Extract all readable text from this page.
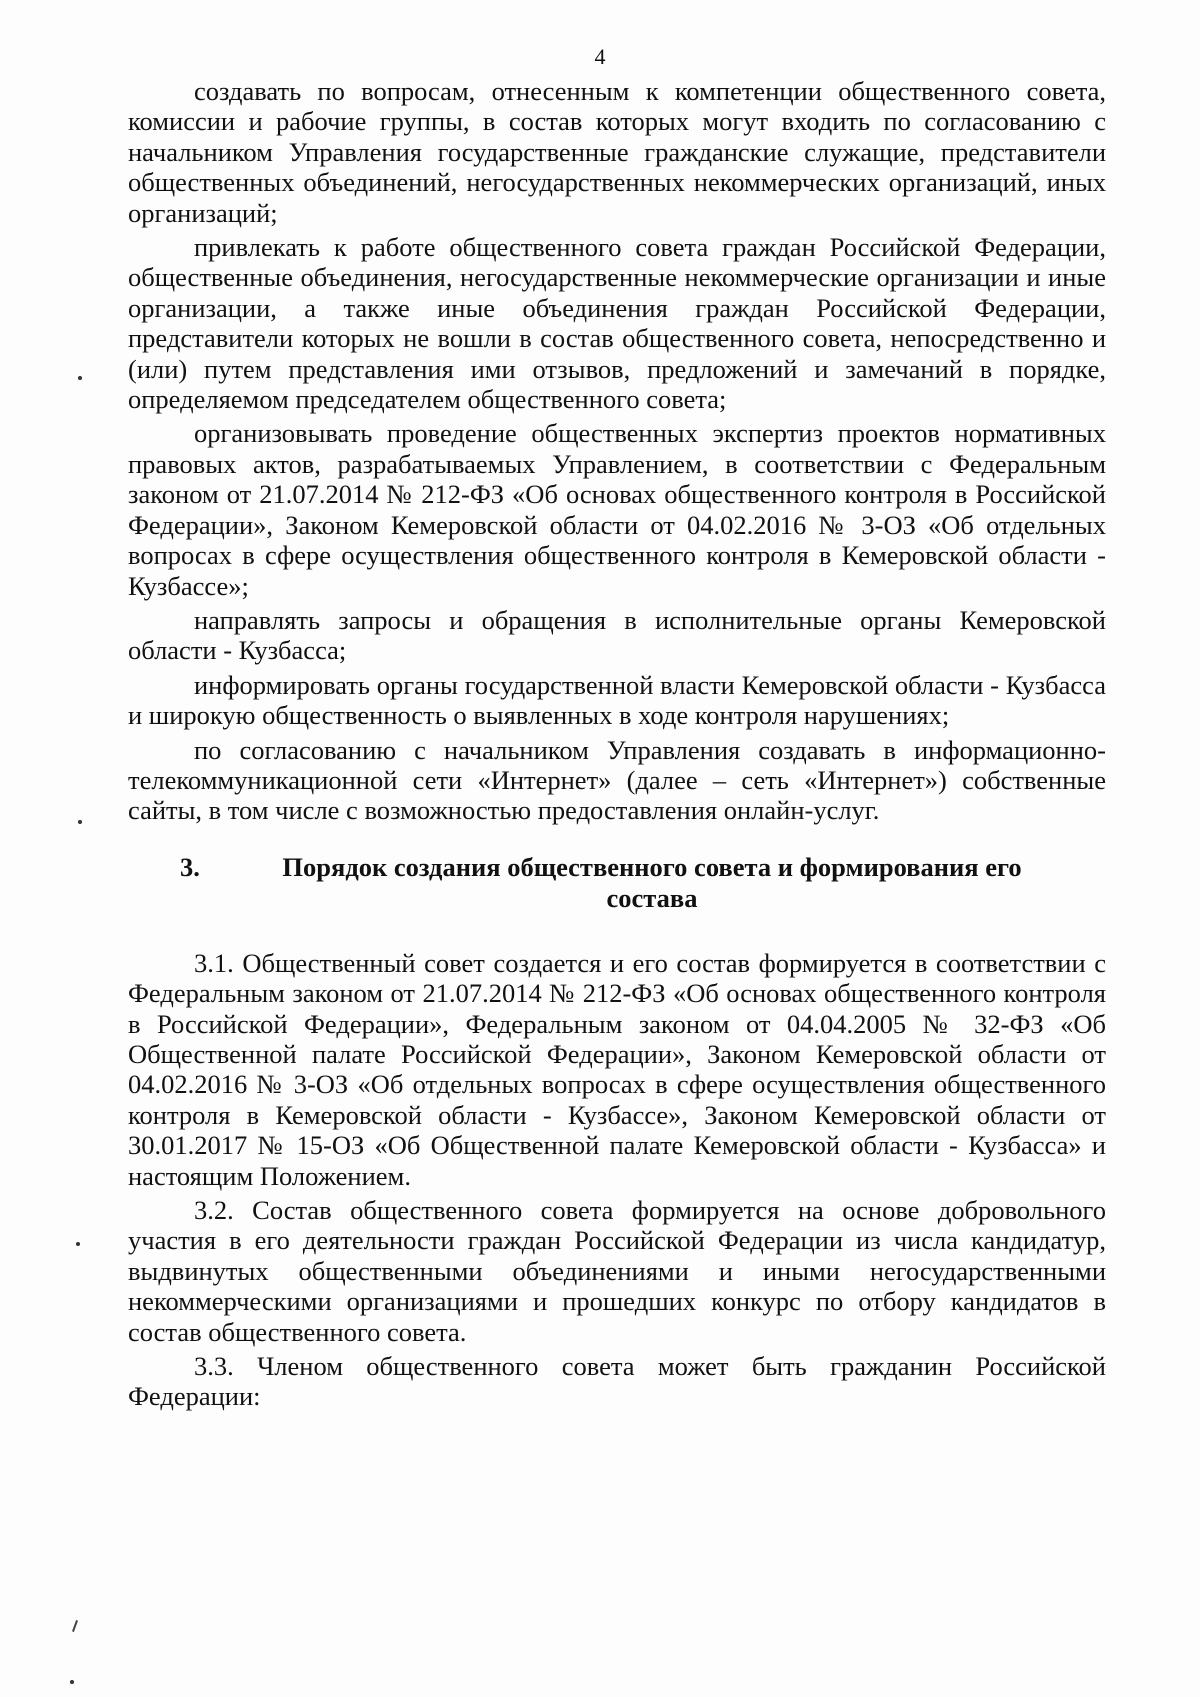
4

создавать по вопросам, отнесенным к компетенции общественного совета, комиссии и рабочие группы, в состав которых могут входить по согласованию с начальником Управления государственные гражданские служащие, представители общественных объединений, негосударственных некоммерческих организаций, иных организаций;

привлекать к работе общественного совета граждан Российской Федерации, общественные объединения, негосударственные некоммерческие организации и иные организации, а также иные объединения граждан Российской Федерации, представители которых не вошли в состав общественного совета, непосредственно и (или) путем представления ими отзывов, предложений и замечаний в порядке, определяемом председателем общественного совета;

организовывать проведение общественных экспертиз проектов нормативных правовых актов, разрабатываемых Управлением, в соответствии с Федеральным законом от 21.07.2014 № 212-ФЗ «Об основах общественного контроля в Российской Федерации», Законом Кемеровской области от 04.02.2016 № 3-ОЗ «Об отдельных вопросах в сфере осуществления общественного контроля в Кемеровской области - Кузбассе»;

направлять запросы и обращения в исполнительные органы Кемеровской области - Кузбасса;

информировать органы государственной власти Кемеровской области - Кузбасса и широкую общественность о выявленных в ходе контроля нарушениях;

по согласованию с начальником Управления создавать в информационно-телекоммуникационной сети «Интернет» (далее – сеть «Интернет») собственные сайты, в том числе с возможностью предоставления онлайн-услуг.

3.	Порядок создания общественного совета и формирования его состава

3.1. Общественный совет создается и его состав формируется в соответствии с Федеральным законом от 21.07.2014 № 212-ФЗ «Об основах общественного контроля в Российской Федерации», Федеральным законом от 04.04.2005 № 32-ФЗ «Об Общественной палате Российской Федерации», Законом Кемеровской области от 04.02.2016 № 3-ОЗ «Об отдельных вопросах в сфере осуществления общественного контроля в Кемеровской области - Кузбассе», Законом Кемеровской области от 30.01.2017 № 15-ОЗ «Об Общественной палате Кемеровской области - Кузбасса» и настоящим Положением.

3.2. Состав общественного совета формируется на основе добровольного участия в его деятельности граждан Российской Федерации из числа кандидатур, выдвинутых общественными объединениями и иными негосударственными некоммерческими организациями и прошедших конкурс по отбору кандидатов в состав общественного совета.

3.3. Членом общественного совета может быть гражданин Российской Федерации:
